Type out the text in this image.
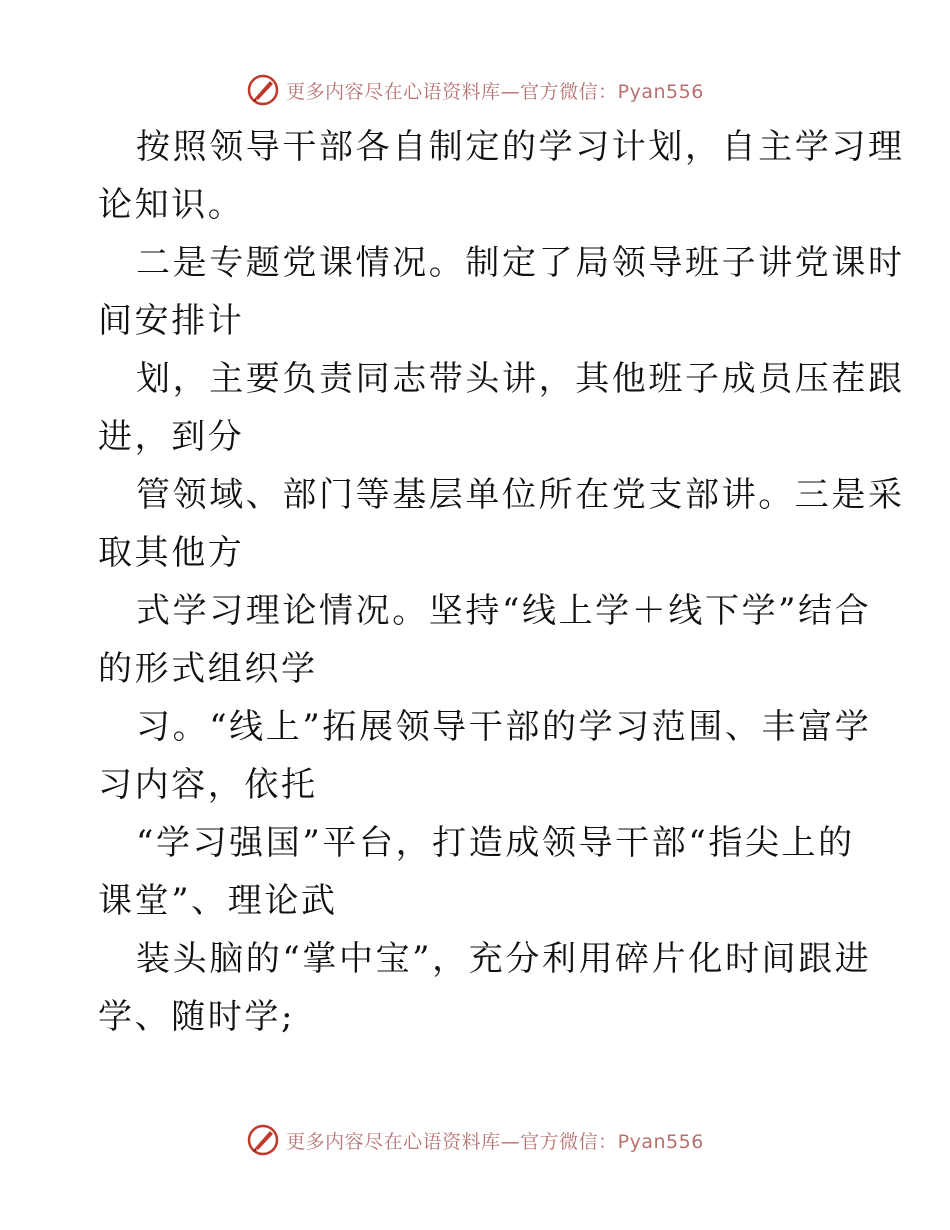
更多内容尽在心语资料库—官方微信：Pyan556
按照领导干部各自制定的学习计划，自主学习理
论知识。
二是专题党课情况。制定了局领导班子讲党课时
间安排计
划，主要负责同志带头讲，其他班子成员压茬跟
进，到分
管领域、部门等基层单位所在党支部讲。三是采
取其他方
式学习理论情况。坚持“线上学＋线下学”结合
的形式组织学
习。“线上”拓展领导干部的学习范围、丰富学
习内容，依托
“学习强国”平台，打造成领导干部“指尖上的
课堂”、理论武
装头脑的“掌中宝”，充分利用碎片化时间跟进
学、随时学;
更多内容尽在心语资料库—官方微信：Pyan556
